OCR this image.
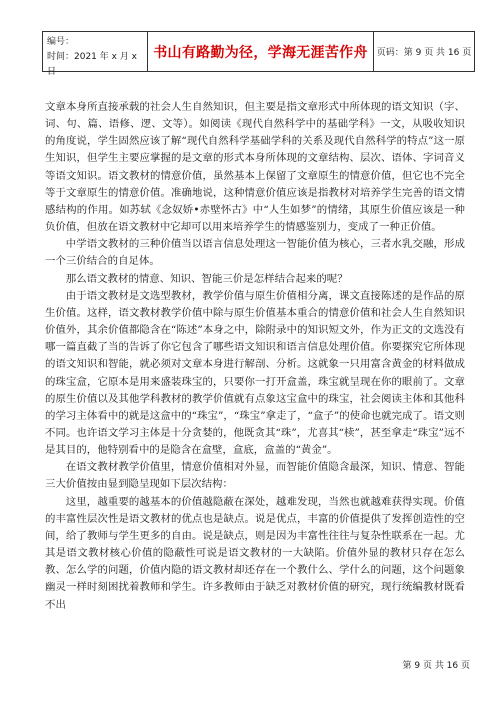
编号：
时间：2021 年 x 月 x 日
书山有路勤为径，学海无涯苦作舟	页码：第 9 页 共 16 页

文章本身所直接承载的社会人生自然知识，但主要是指文章形式中所体现的语文知识（字、词、句、篇、语修、逻、文等）。如阅读《现代自然科学中的基础学科》一文，从吸收知识的角度说，学生固然应该了解“现代自然科学基础学科的关系及现代自然科学的特点”这一原生知识，但学生主要应掌握的是文章的形式本身所体现的文章结构、层次、语体、字词音义等语文知识。语文教材的情意价值，虽然基本上保留了文章原生的情意价值，但它也不完全等于文章原生的情意价值。准确地说，这种情意价值应该是指教材对培养学生完善的语文情感结构的作用。如苏轼《念奴娇•赤壁怀古》中“人生如梦”的情绪，其原生价值应该是一种负价值，但放在语文教材中它却可以用来培养学生的情感鉴别力，变成了一种正价值。

中学语文教材的三种价值当以语言信息处理这一智能价值为核心，三者水乳交融，形成一个三价结合的自足体。

那么语文教材的情意、知识、智能三价是怎样结合起来的呢？

由于语文教材是文选型教材，教学价值与原生价值相分离，课文直接陈述的是作品的原生价值。这样，语文教材教学价值中除与原生价值基本重合的情意价值和社会人生自然知识价值外，其余价值都隐含在“陈述”本身之中，除附录中的知识短文外，作为正文的文选没有哪一篇直截了当的告诉了你它包含了哪些语文知识和语言信息处理价值。你要探究它所体现的语文知识和智能，就必须对文章本身进行解剖、分析。这就象一只用富含黄金的材料做成的珠宝盒，它原本是用来盛装珠宝的，只要你一打开盒盖，珠宝就呈现在你的眼前了。文章的原生价值以及其他学科教材的教学价值就有点象这宝盒中的珠宝，社会阅读主体和其他科的学习主体看中的就是这盒中的“珠宝”，“珠宝”拿走了，“盒子”的使命也就完成了。语文则不同。也许语文学习主体是十分贪婪的，他既贪其“珠”，尤喜其“椟”，甚至拿走“珠宝”远不是其目的，他特别看中的是隐含在盒壁，盒底，盒盖的“黄金”。

在语文教材教学价值里，情意价值相对外显，而智能价值隐含最深，知识、情意、智能三大价值按由显到隐呈现如下层次结构：

这里，越重要的越基本的价值越隐蔽在深处，越难发现，当然也就越难获得实现。价值的丰富性层次性是语文教材的优点也是缺点。说是优点，丰富的价值提供了发挥创造性的空间，给了教师与学生更多的自由。说是缺点，则是因为丰富性往往与复杂性联系在一起。尤其是语文教材核心价值的隐蔽性可说是语文教材的一大缺陷。价值外显的教材只存在怎么教、怎么学的问题，价值内隐的语文教材却还存在一个教什么、学什么的问题，这个问题象幽灵一样时刻困扰着教师和学生。许多教师由于缺乏对教材价值的研究，现行统编教材既看不出

第 9 页 共 16 页
